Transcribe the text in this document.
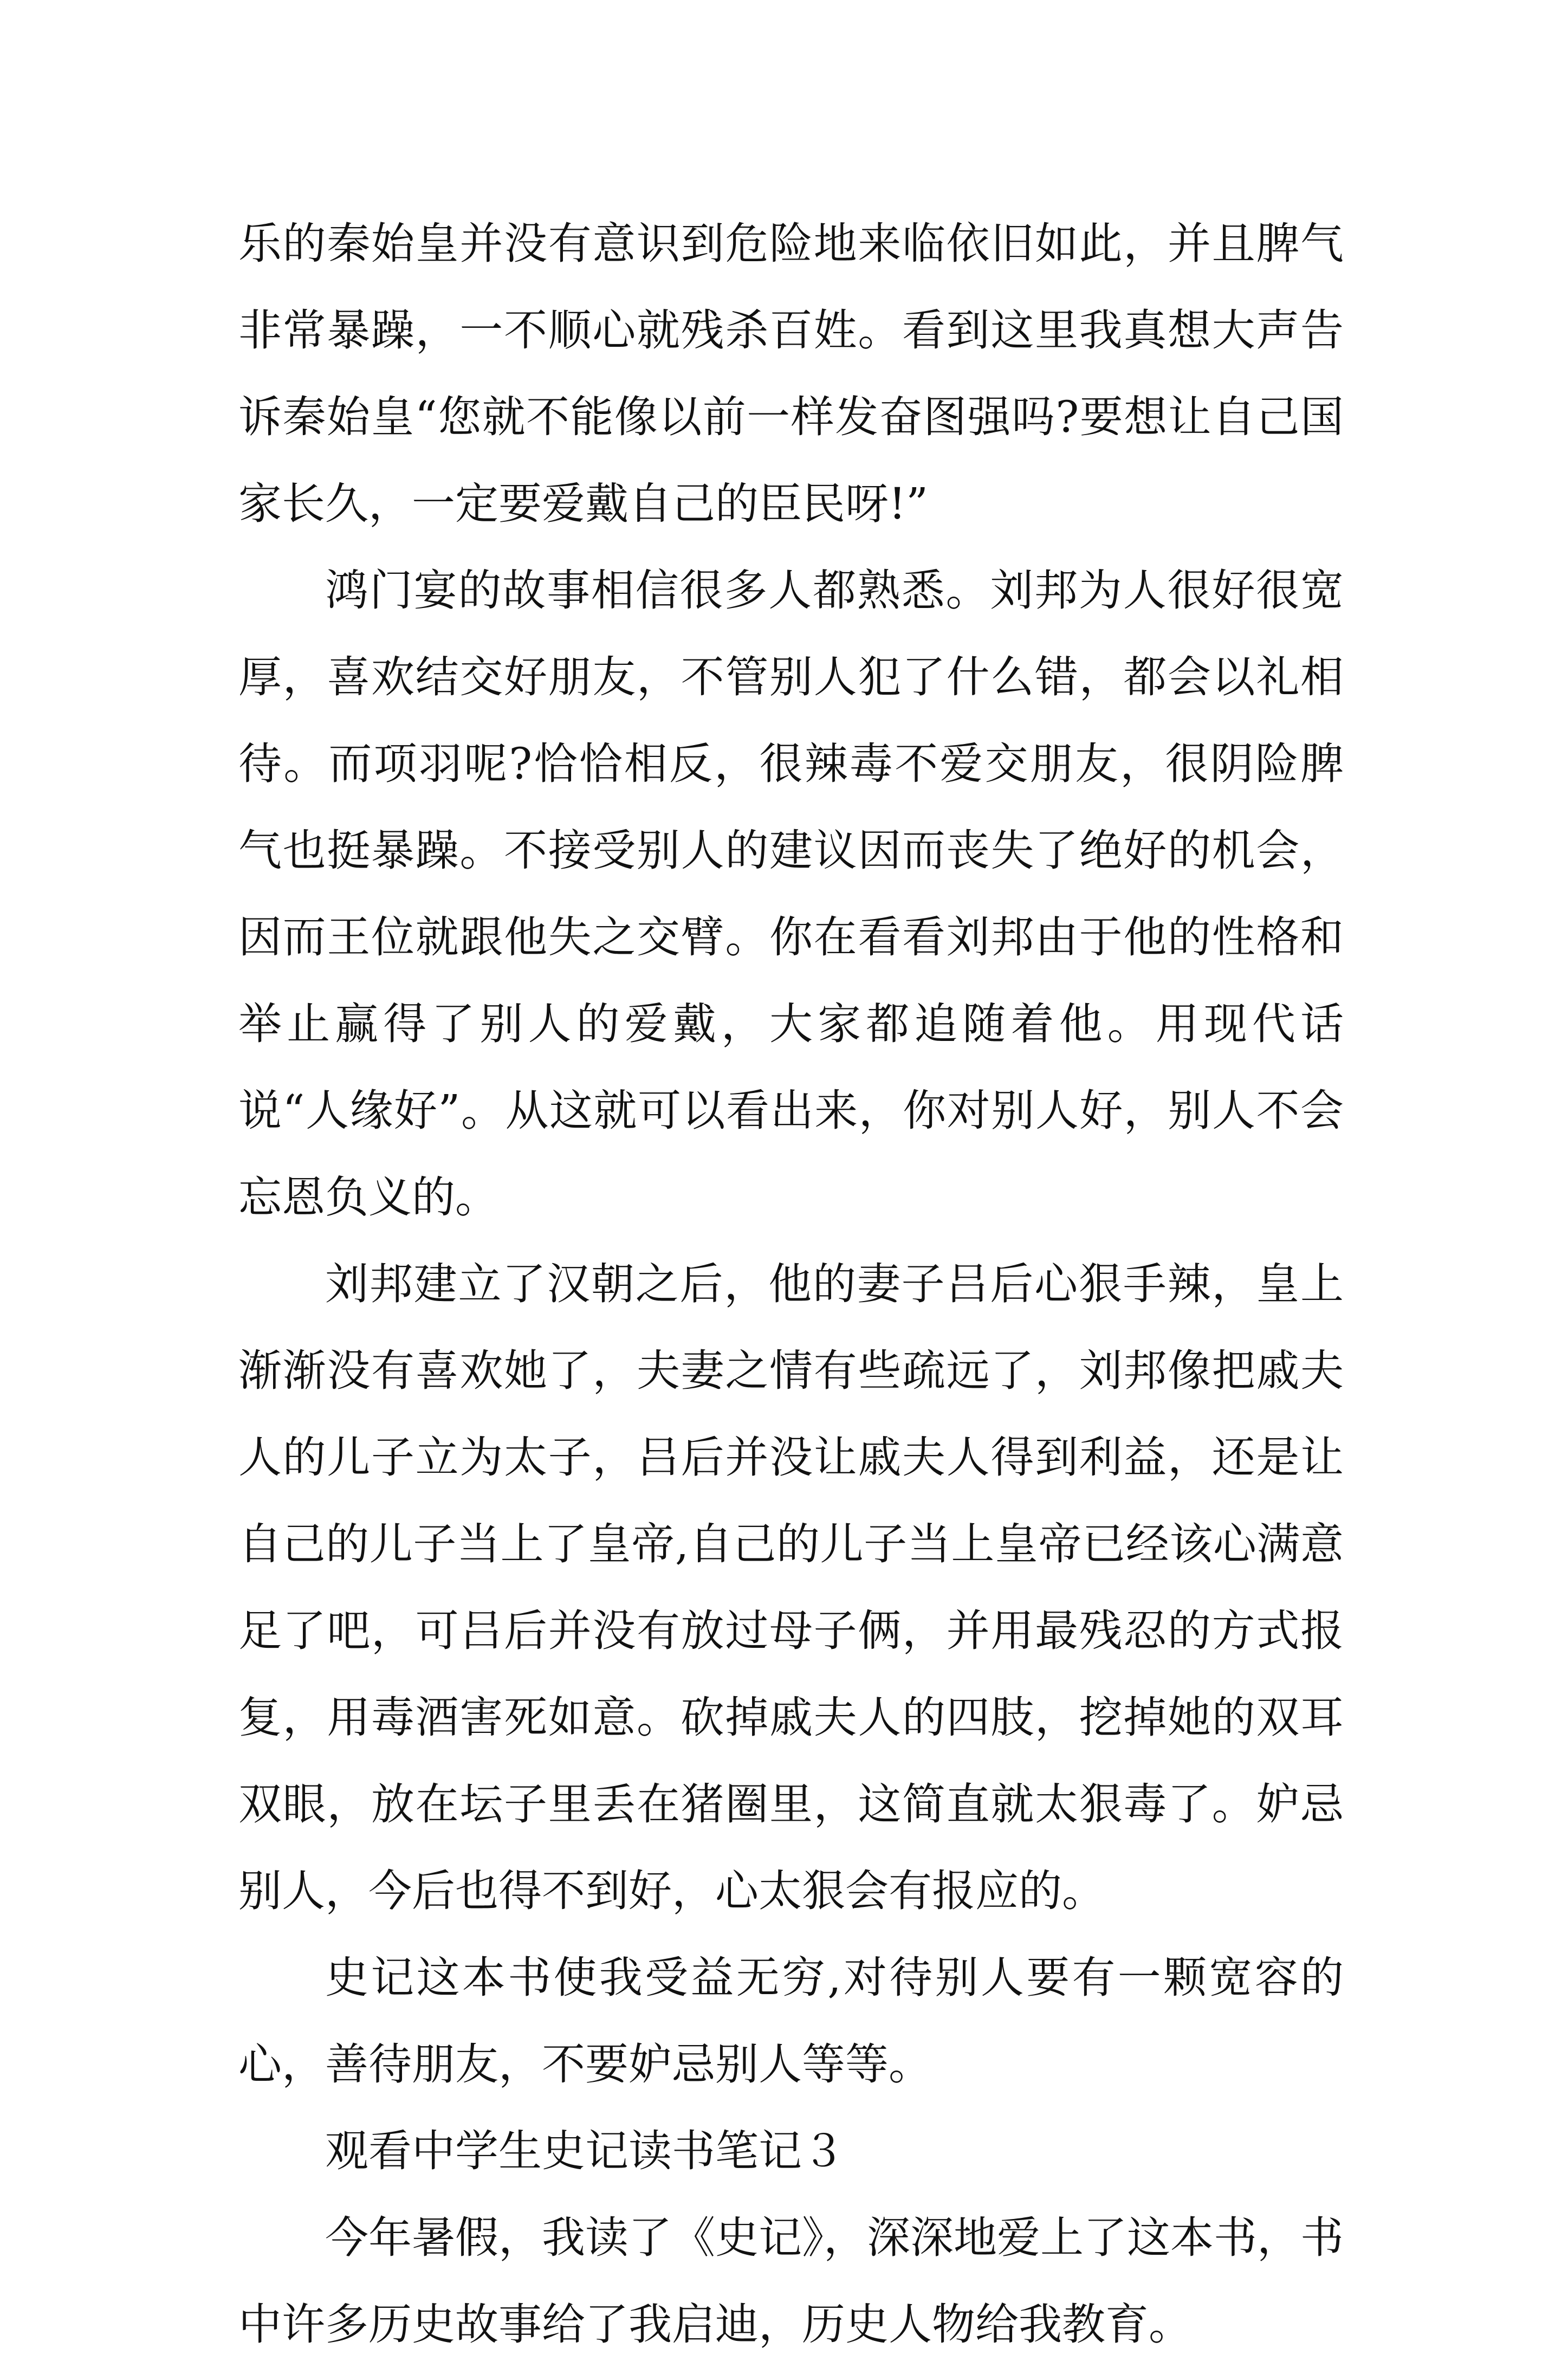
乐的秦始皇并没有意识到危险地来临依旧如此，并且脾气非常暴躁，一不顺心就残杀百姓。看到这里我真想大声告诉秦始皇“您就不能像以前一样发奋图强吗?要想让自己国家长久，一定要爱戴自己的臣民呀!”

鸿门宴的故事相信很多人都熟悉。刘邦为人很好很宽厚，喜欢结交好朋友，不管别人犯了什么错，都会以礼相待。而项羽呢?恰恰相反，很辣毒不爱交朋友，很阴险脾气也挺暴躁。不接受别人的建议因而丧失了绝好的机会，因而王位就跟他失之交臂。你在看看刘邦由于他的性格和举止赢得了别人的爱戴，大家都追随着他。用现代话说“人缘好”。从这就可以看出来，你对别人好，别人不会忘恩负义的。

刘邦建立了汉朝之后，他的妻子吕后心狠手辣，皇上渐渐没有喜欢她了，夫妻之情有些疏远了，刘邦像把戚夫人的儿子立为太子，吕后并没让戚夫人得到利益，还是让自己的儿子当上了皇帝,自己的儿子当上皇帝已经该心满意足了吧，可吕后并没有放过母子俩，并用最残忍的方式报复，用毒酒害死如意。砍掉戚夫人的四肢，挖掉她的双耳双眼，放在坛子里丢在猪圈里，这简直就太狠毒了。妒忌别人，今后也得不到好，心太狠会有报应的。

史记这本书使我受益无穷,对待别人要有一颗宽容的心，善待朋友，不要妒忌别人等等。

观看中学生史记读书笔记３

今年暑假，我读了《史记》，深深地爱上了这本书，书中许多历史故事给了我启迪，历史人物给我教育。
